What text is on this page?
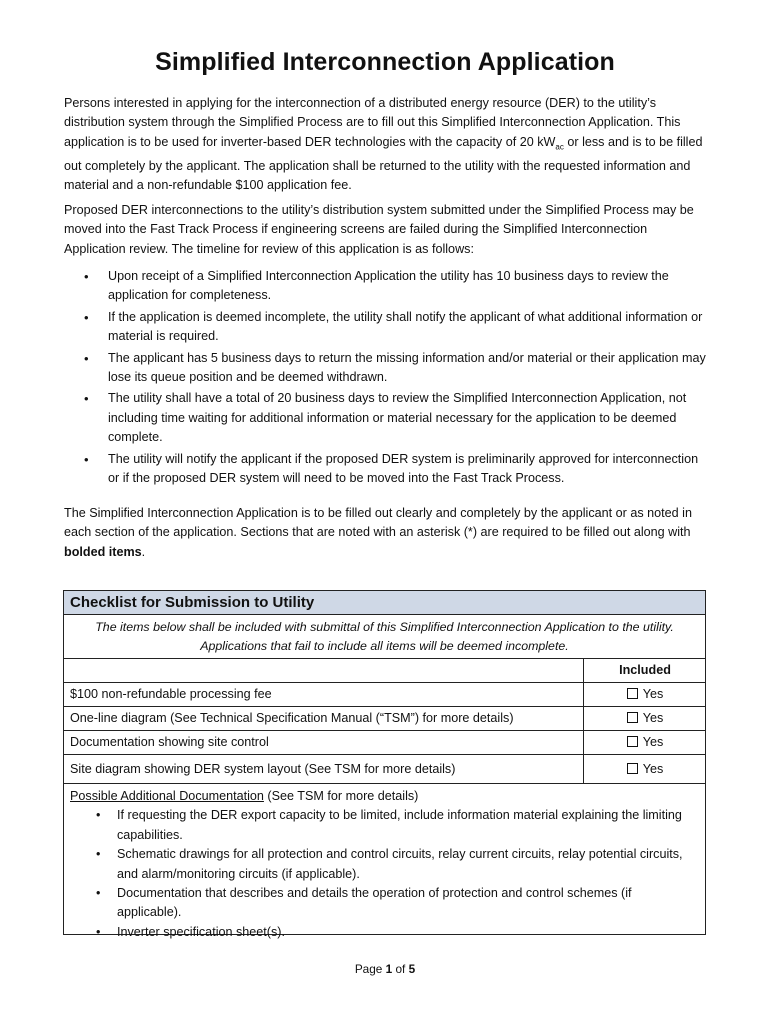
Simplified Interconnection Application

Persons interested in applying for the interconnection of a distributed energy resource (DER) to the utility’s distribution system through the Simplified Process are to fill out this Simplified Interconnection Application. This application is to be used for inverter-based DER technologies with the capacity of 20 $kW_{ac}$ or less and is to be filled out completely by the applicant. The application shall be returned to the utility with the requested information and material and a non-refundable $100 application fee.

Proposed DER interconnections to the utility’s distribution system submitted under the Simplified Process may be moved into the Fast Track Process if engineering screens are failed during the Simplified Interconnection Application review. The timeline for review of this application is as follows:

• Upon receipt of a Simplified Interconnection Application the utility has 10 business days to review the application for completeness.
• If the application is deemed incomplete, the utility shall notify the applicant of what additional information or material is required.
• The applicant has 5 business days to return the missing information and/or material or their application may lose its queue position and be deemed withdrawn.
• The utility shall have a total of 20 business days to review the Simplified Interconnection Application, not including time waiting for additional information or material necessary for the application to be deemed complete.
• The utility will notify the applicant if the proposed DER system is preliminarily approved for interconnection or if the proposed DER system will need to be moved into the Fast Track Process.

The Simplified Interconnection Application is to be filled out clearly and completely by the applicant or as noted in each section of the application. Sections that are noted with an asterisk (*) are required to be filled out along with bolded items.

Checklist for Submission to Utility
The items below shall be included with submittal of this Simplified Interconnection Application to the utility. Applications that fail to include all items will be deemed incomplete.
Included
$100 non-refundable processing fee	Yes
One-line diagram (See Technical Specification Manual (“TSM”) for more details)	Yes
Documentation showing site control	Yes
Site diagram showing DER system layout (See TSM for more details)	Yes
Possible Additional Documentation (See TSM for more details)
• If requesting the DER export capacity to be limited, include information material explaining the limiting capabilities.
• Schematic drawings for all protection and control circuits, relay current circuits, relay potential circuits, and alarm/monitoring circuits (if applicable).
• Documentation that describes and details the operation of protection and control schemes (if applicable).
• Inverter specification sheet(s).
Page 1 of 5
